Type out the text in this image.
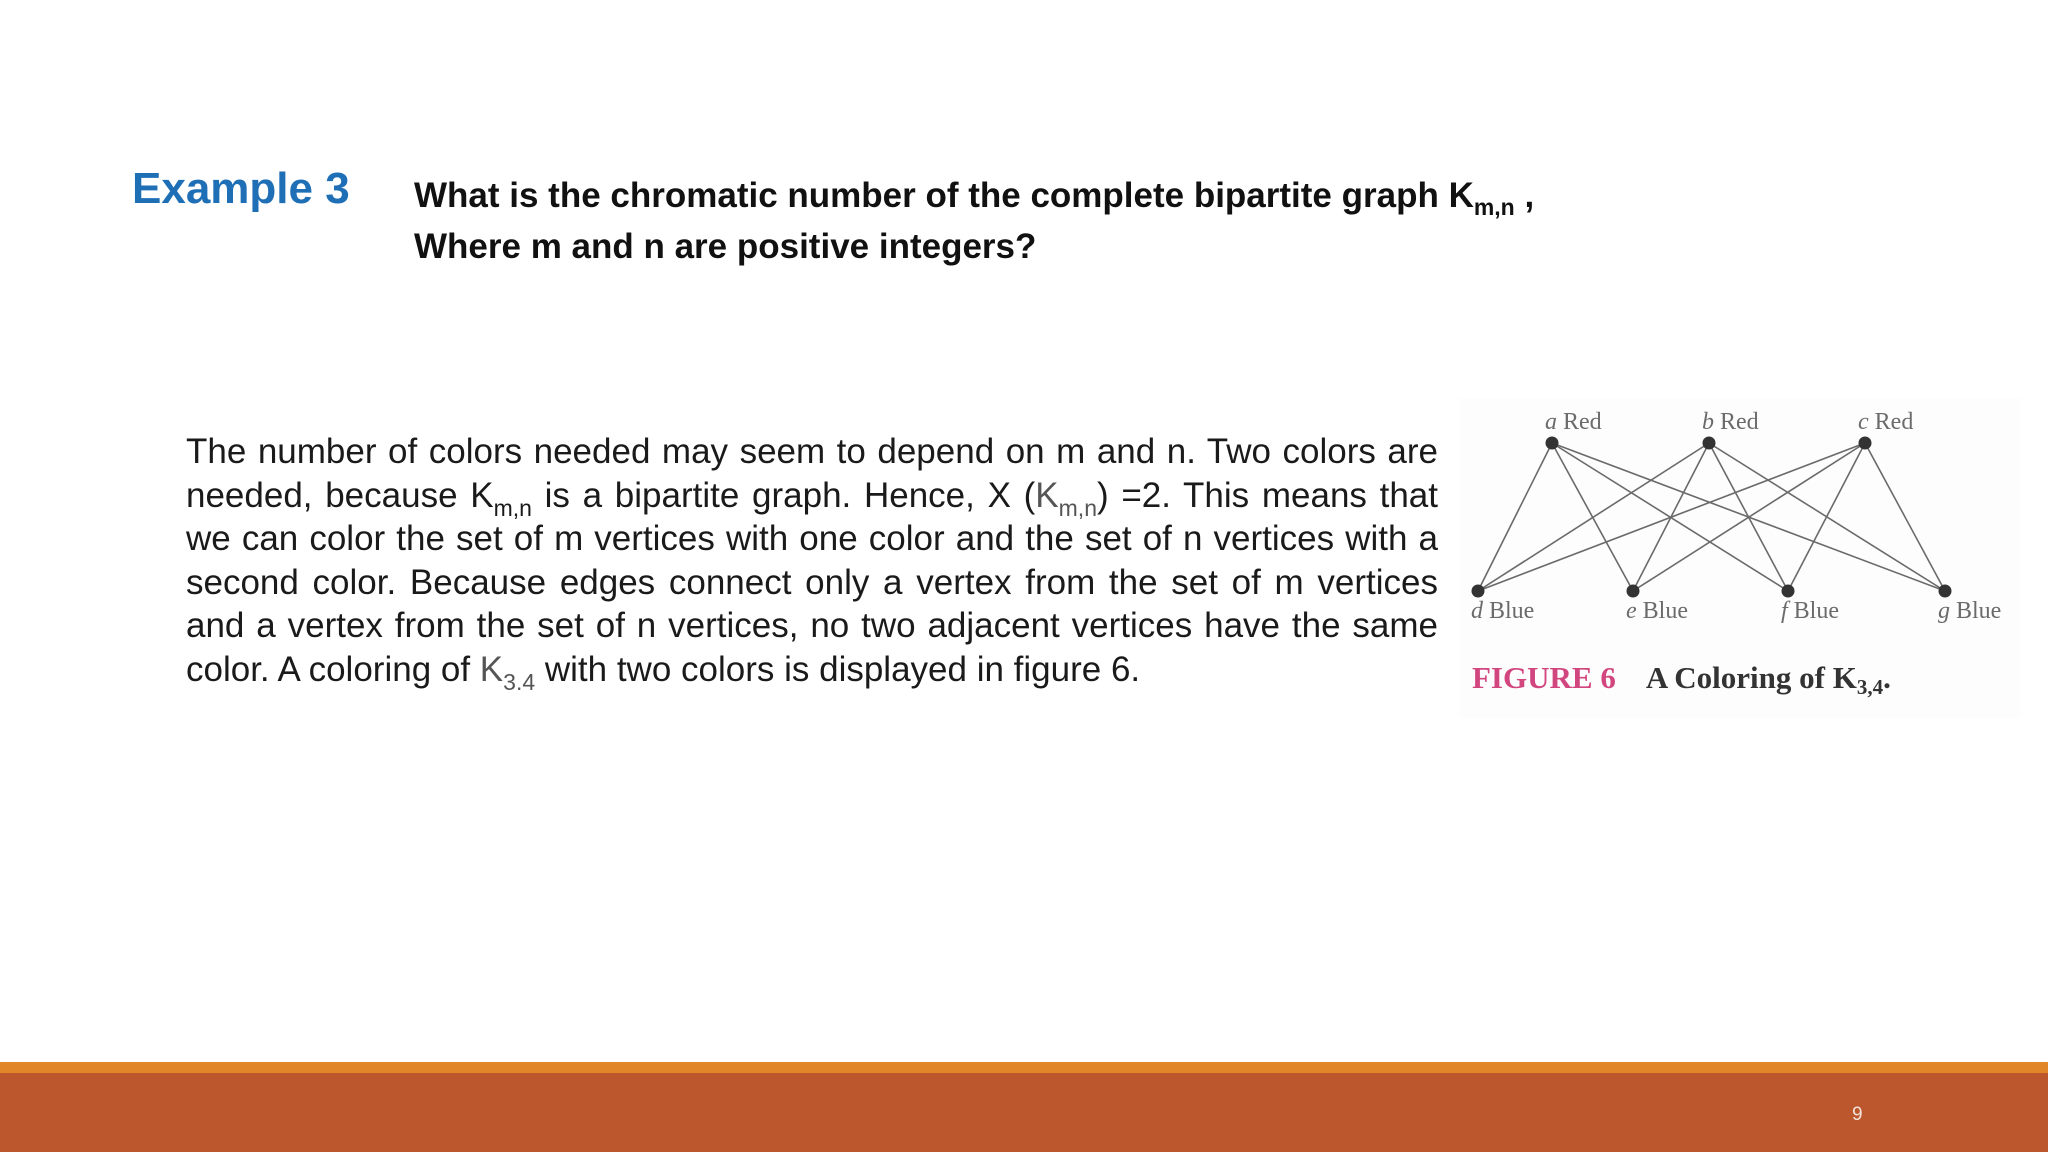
Example 3 What is the chromatic number of the complete bipartite graph $K_{m,n}$ ,
Where m and n are positive integers?
The number of colors needed may seem to depend on m and n. Two colors are needed, because $K_{m,n}$ is a bipartite graph. Hence, X $(K_{m,n}) =2$. This means that we can color the set of m vertices with one color and the set of n vertices with a second color. Because edges connect only a vertex from the set of m vertices and a vertex from the set of n vertices, no two adjacent vertices have the same color. A coloring of $K_{3.4}$ with two colors is displayed in figure 6.
a Red	b Red	c Red
d Blue	e Blue	f Blue	g Blue
FIGURE 6 A Coloring of $K_{3,4}$.
9
